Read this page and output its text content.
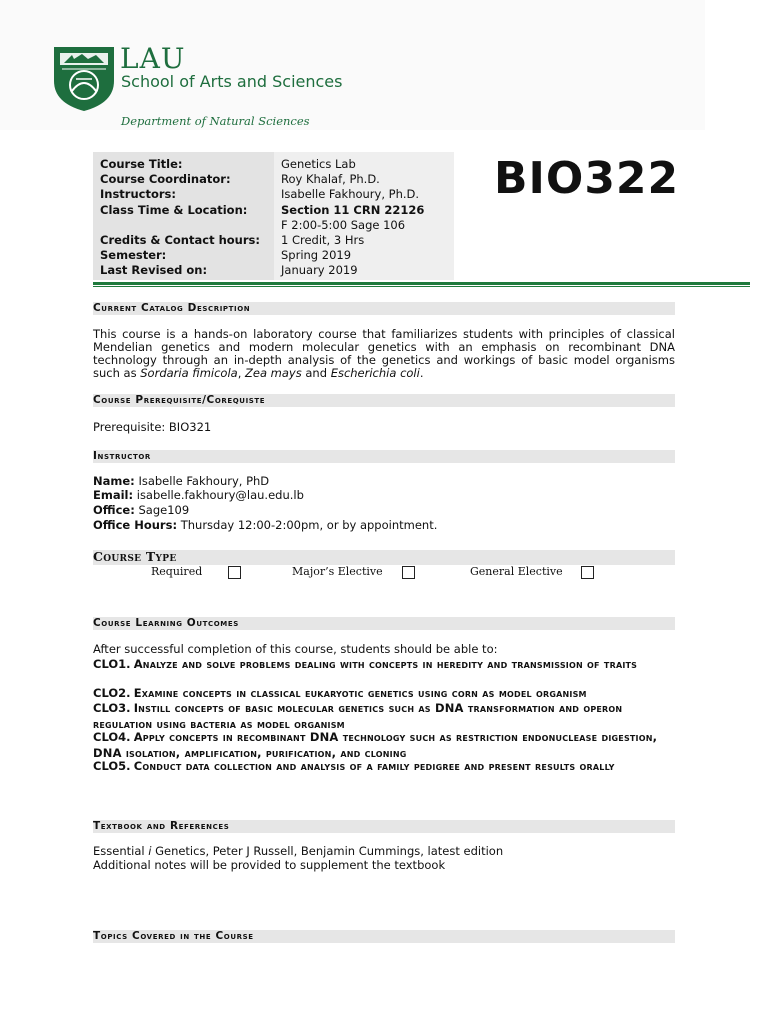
LAU
School of Arts and Sciences
Department of Natural Sciences
Course Title:	Genetics Lab
Course Coordinator:	Roy Khalaf, Ph.D.
Instructors:	Isabelle Fakhoury, Ph.D.
Class Time & Location:	Section 11 CRN 22126
F 2:00-5:00 Sage 106
Credits & Contact hours: 1 Credit, 3 Hrs
Semester:	Spring 2019
Last Revised on:	January 2019
BIO322
Current Catalog Description
This course is a hands-on laboratory course that familiarizes students with principles of classical Mendelian genetics and modern molecular genetics with an emphasis on recombinant DNA technology through an in-depth analysis of the genetics and workings of basic model organisms such as Sordaria fimicola, Zea mays and Escherichia coli.
Course Prerequisite/Corequiste
Prerequisite: BIO321
Instructor
Name: Isabelle Fakhoury, PhD
Email: isabelle.fakhoury@lau.edu.lb
Office: Sage109
Office Hours: Thursday 12:00-2:00pm, or by appointment.
Course Type
Required	Major’s Elective	General Elective
Course Learning Outcomes
After successful completion of this course, students should be able to:
CLO1. Analyze and solve problems dealing with concepts in heredity and transmission of traits
CLO2. Examine concepts in classical eukaryotic genetics using corn as model organism
CLO3. Instill concepts of basic molecular genetics such as DNA transformation and operon regulation using bacteria as model organism
CLO4. Apply concepts in recombinant DNA technology such as restriction endonuclease digestion, DNA isolation, amplification, purification, and cloning
CLO5. Conduct data collection and analysis of a family pedigree and present results orally
Textbook and References
Essential i Genetics, Peter J Russell, Benjamin Cummings, latest edition
Additional notes will be provided to supplement the textbook
Topics Covered in the Course
